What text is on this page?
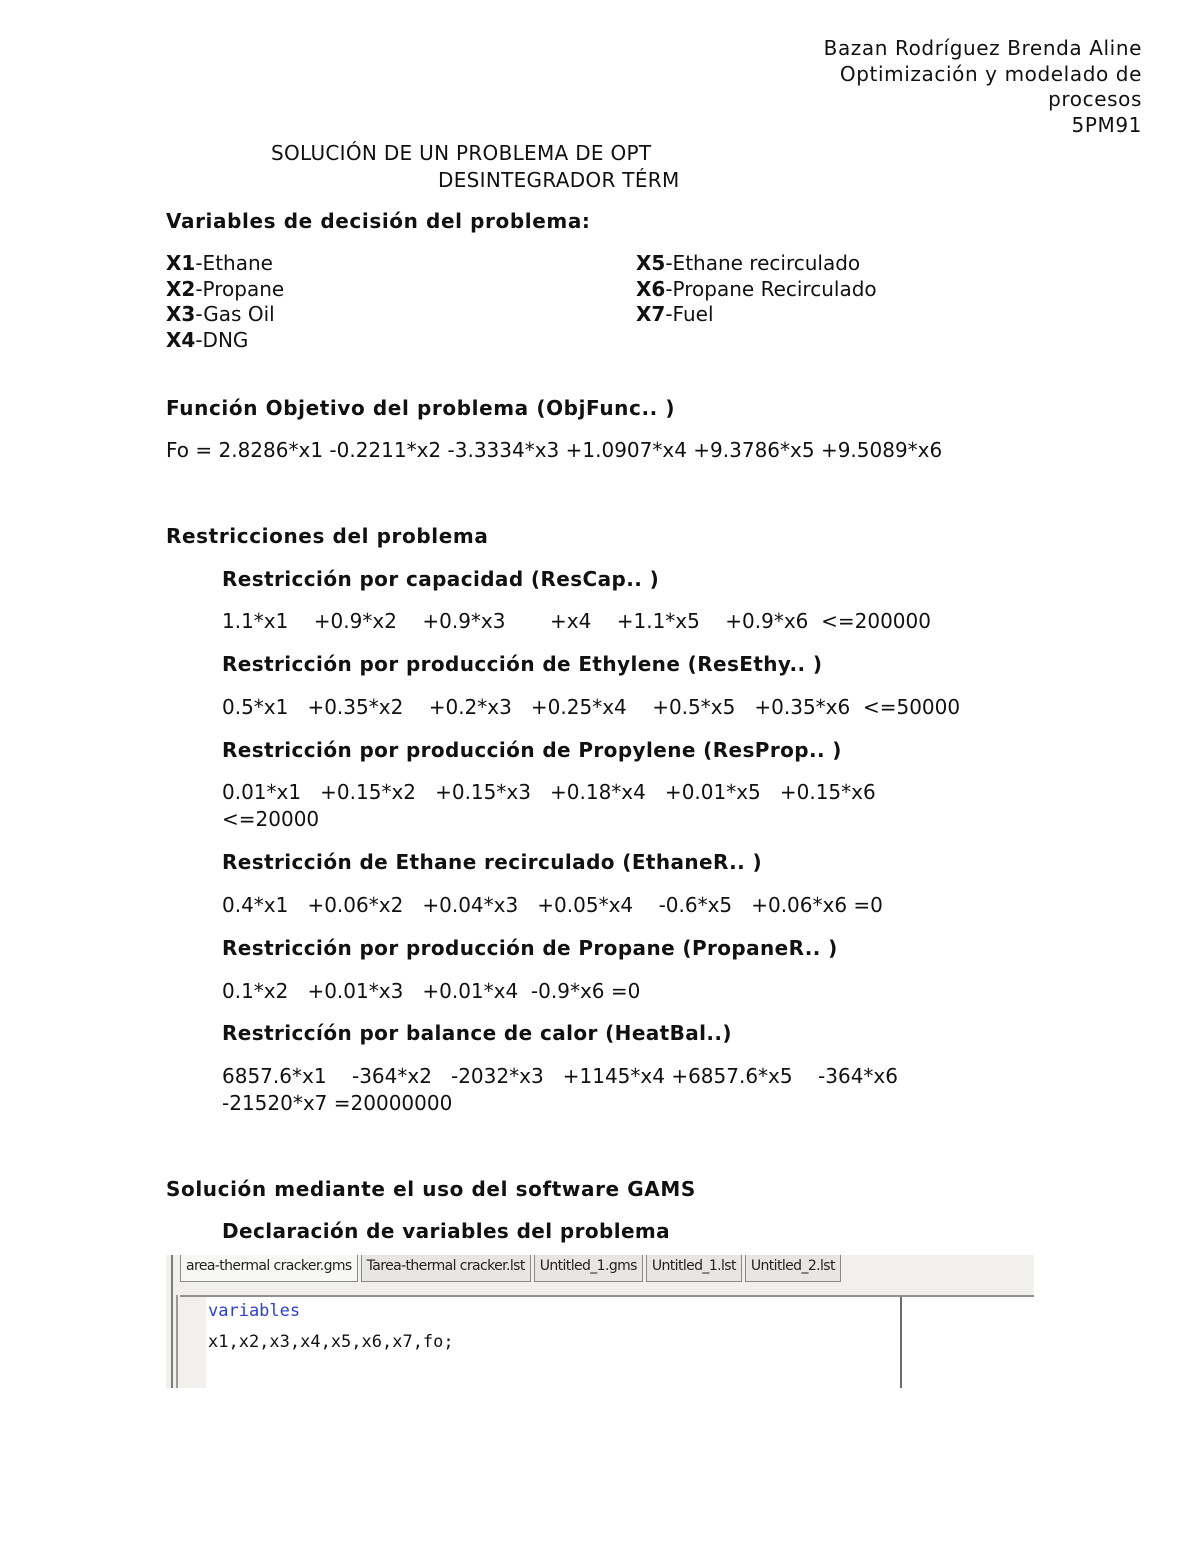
Bazan Rodríguez Brenda Aline
Optimización y modelado de
procesos
5PM91
SOLUCIÓN DE UN PROBLEMA DE OPT
DESINTEGRADOR TÉRM
Variables de decisión del problema:
X1-Ethane
X2-Propane
X3-Gas Oil
X4-DNG
X5-Ethane recirculado
X6-Propane Recirculado
X7-Fuel
Función Objetivo del problema (ObjFunc.. )
Fo = 2.8286*x1 -0.2211*x2 -3.3334*x3 +1.0907*x4 +9.3786*x5 +9.5089*x6
Restricciones del problema
Restricción por capacidad (ResCap.. )
1.1*x1    +0.9*x2    +0.9*x3       +x4    +1.1*x5    +0.9*x6  <=200000
Restricción por producción de Ethylene (ResEthy.. )
0.5*x1   +0.35*x2    +0.2*x3   +0.25*x4    +0.5*x5   +0.35*x6  <=50000
Restricción por producción de Propylene (ResProp.. )
0.01*x1   +0.15*x2   +0.15*x3   +0.18*x4   +0.01*x5   +0.15*x6
<=20000
Restricción de Ethane recirculado (EthaneR.. )
0.4*x1   +0.06*x2   +0.04*x3   +0.05*x4    -0.6*x5   +0.06*x6 =0
Restricción por producción de Propane (PropaneR.. )
0.1*x2   +0.01*x3   +0.01*x4  -0.9*x6 =0
Restriccíón por balance de calor (HeatBal..)
6857.6*x1    -364*x2   -2032*x3   +1145*x4 +6857.6*x5    -364*x6
-21520*x7 =20000000
Solución mediante el uso del software GAMS
Declaración de variables del problema
area-thermal cracker.gms	Tarea-thermal cracker.lst	Untitled_1.gms	Untitled_1.lst	Untitled_2.lst
variables
x1,x2,x3,x4,x5,x6,x7,fo;
